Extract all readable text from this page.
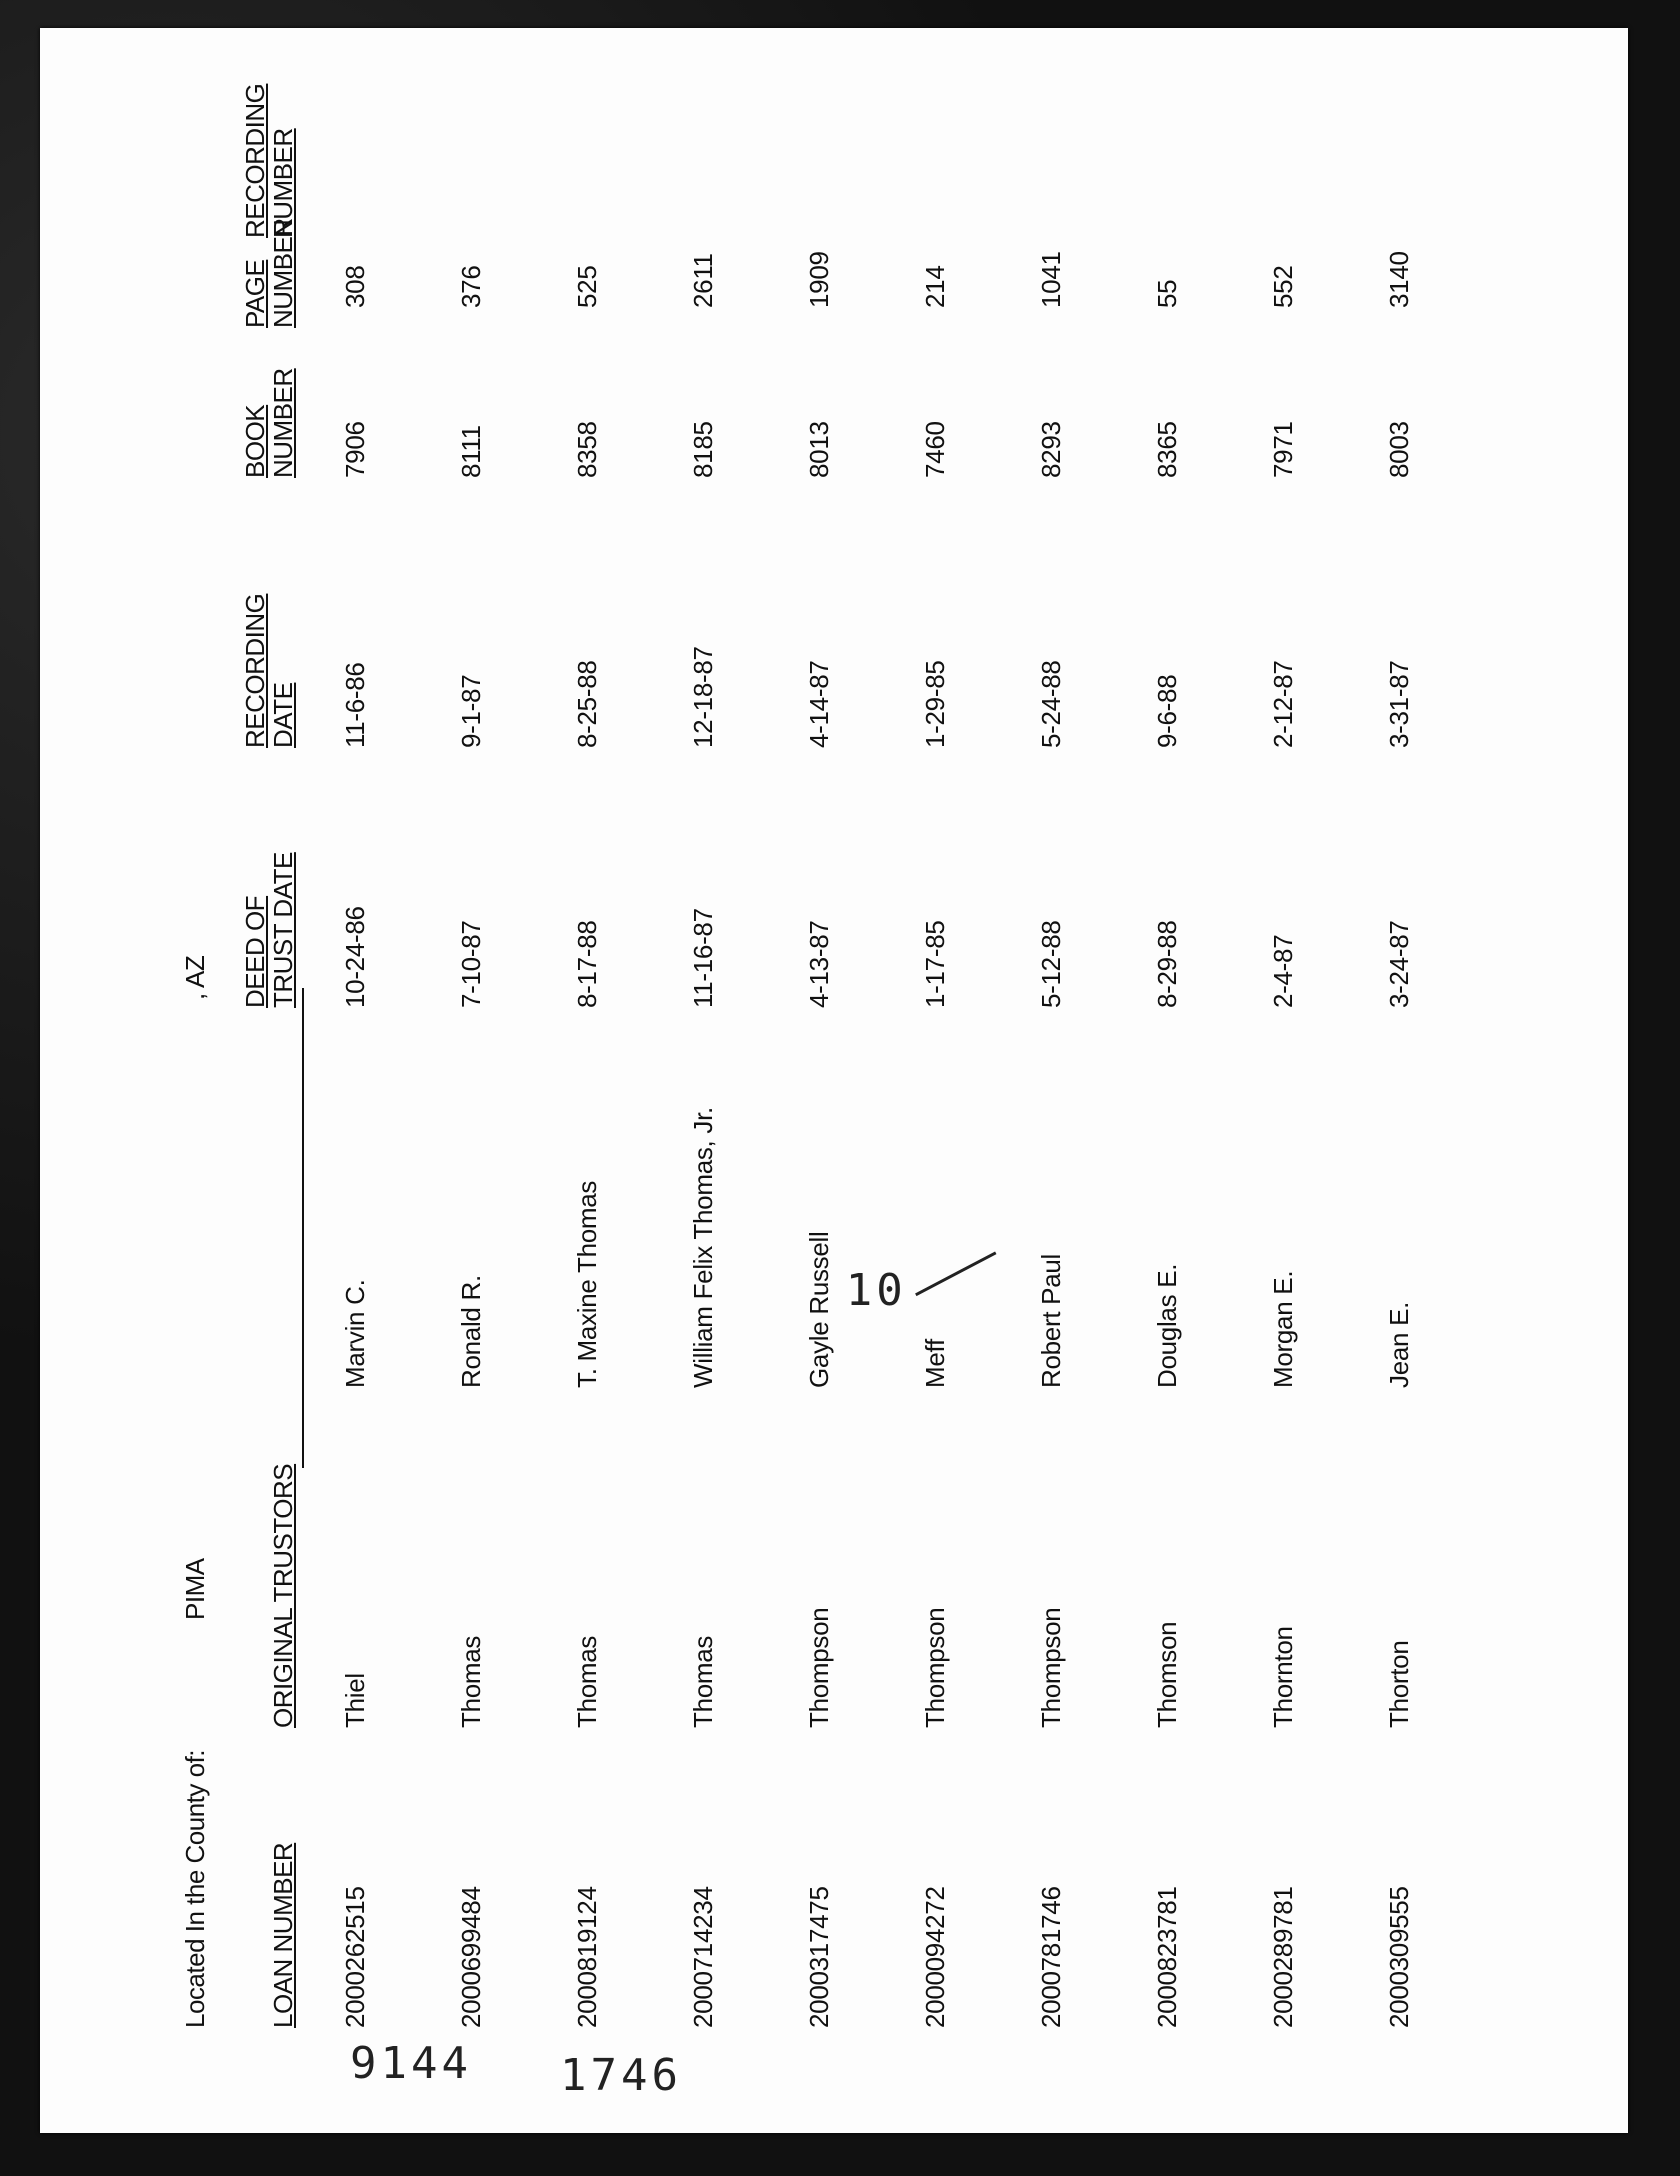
Located In the County of:
PIMA
, AZ
LOAN NUMBER
ORIGINAL TRUSTORS
DEED OF
TRUST DATE
RECORDING
DATE
BOOK
NUMBER
PAGE
NUMBER
RECORDING
NUMBER
2000262515
Thiel
Marvin C.
10-24-86
11-6-86
7906
308
2000699484
Thomas
Ronald R.
7-10-87
9-1-87
8111
376
2000819124
Thomas
T. Maxine Thomas
8-17-88
8-25-88
8358
525
2000714234
Thomas
William Felix Thomas, Jr.
11-16-87
12-18-87
8185
2611
2000317475
Thompson
Gayle Russell
4-13-87
4-14-87
8013
1909
2000094272
Thompson
Meff
1-17-85
1-29-85
7460
214
2000781746
Thompson
Robert Paul
5-12-88
5-24-88
8293
1041
2000823781
Thomson
Douglas E.
8-29-88
9-6-88
8365
55
2000289781
Thornton
Morgan E.
2-4-87
2-12-87
7971
552
2000309555
Thorton
Jean E.
3-24-87
3-31-87
8003
3140
10
9144 1746
